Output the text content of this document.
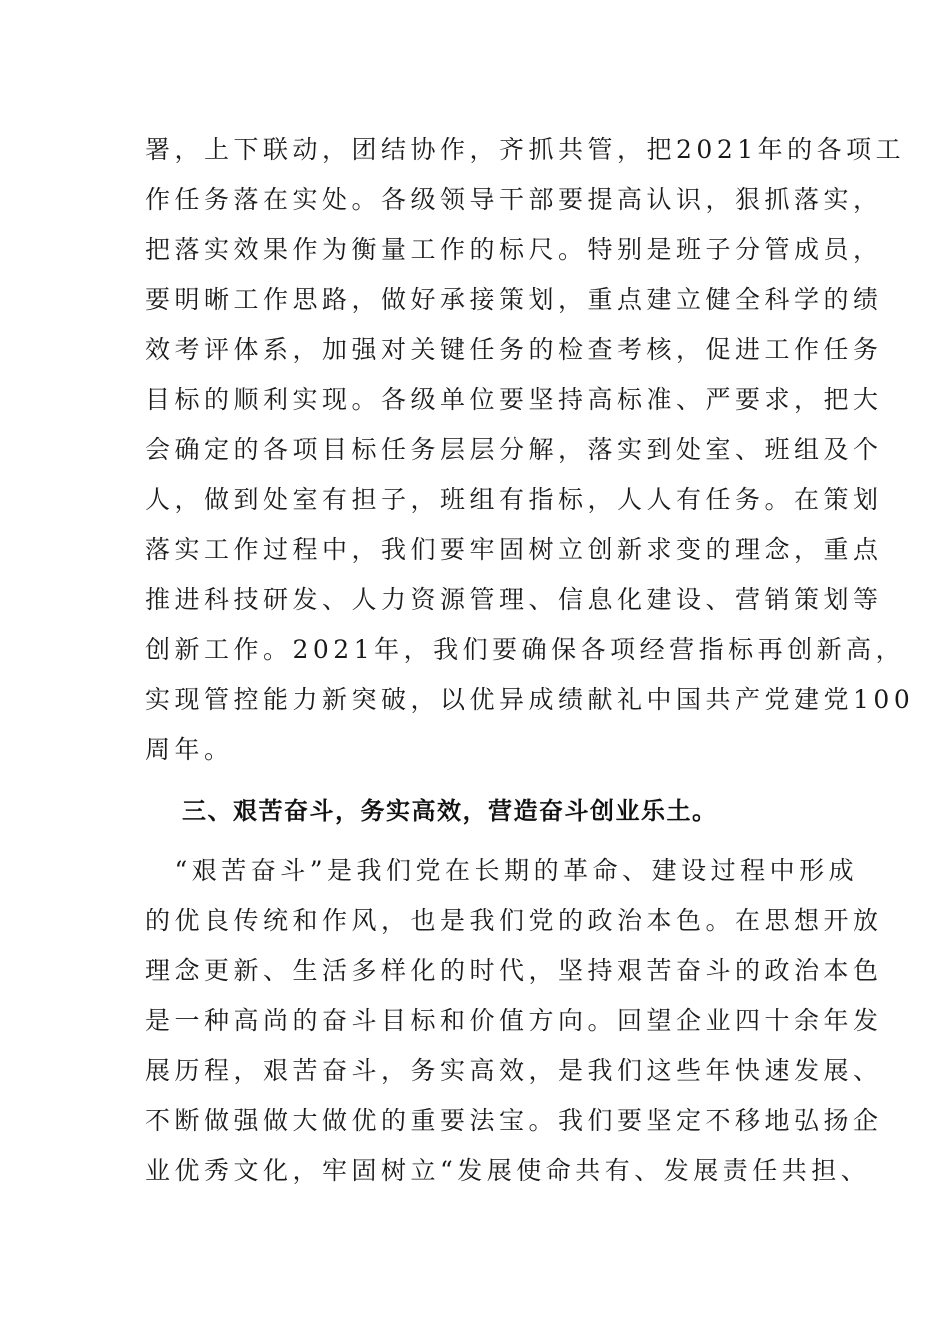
署，上下联动，团结协作，齐抓共管，把2021年的各项工
作任务落在实处。各级领导干部要提高认识，狠抓落实，
把落实效果作为衡量工作的标尺。特别是班子分管成员，
要明晰工作思路，做好承接策划，重点建立健全科学的绩
效考评体系，加强对关键任务的检查考核，促进工作任务
目标的顺利实现。各级单位要坚持高标准、严要求，把大
会确定的各项目标任务层层分解，落实到处室、班组及个
人，做到处室有担子，班组有指标，人人有任务。在策划
落实工作过程中，我们要牢固树立创新求变的理念，重点
推进科技研发、人力资源管理、信息化建设、营销策划等
创新工作。2021年，我们要确保各项经营指标再创新高，
实现管控能力新突破，以优异成绩献礼中国共产党建党100
周年。
三、艰苦奋斗，务实高效，营造奋斗创业乐土。
　“艰苦奋斗”是我们党在长期的革命、建设过程中形成
的优良传统和作风，也是我们党的政治本色。在思想开放
理念更新、生活多样化的时代，坚持艰苦奋斗的政治本色
是一种高尚的奋斗目标和价值方向。回望企业四十余年发
展历程，艰苦奋斗，务实高效，是我们这些年快速发展、
不断做强做大做优的重要法宝。我们要坚定不移地弘扬企
业优秀文化，牢固树立“发展使命共有、发展责任共担、
